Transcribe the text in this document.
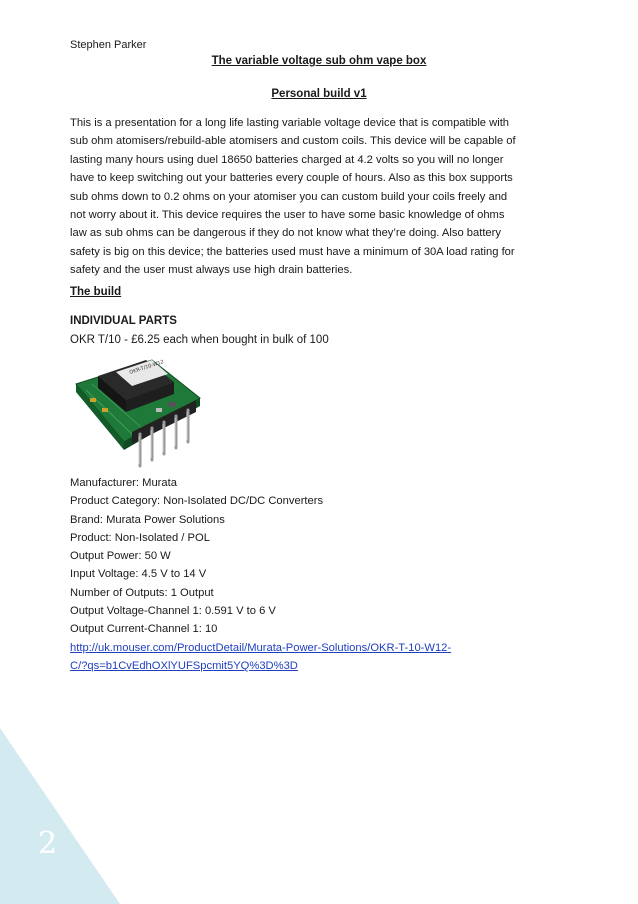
Stephen Parker
The variable voltage sub ohm vape box
Personal build v1
This is a presentation for a long life lasting variable voltage device that is compatible with
sub ohm atomisers/rebuild-able atomisers and custom coils. This device will be capable of
lasting many hours using duel 18650 batteries charged at 4.2 volts so you will no longer
have to keep switching out your batteries every couple of hours. Also as this box supports
sub ohms down to 0.2 ohms on your atomiser you can custom build your coils freely and
not worry about it. This device requires the user to have some basic knowledge of ohms
law as sub ohms can be dangerous if they do not know what they’re doing. Also battery
safety is big on this device; the batteries used must have a minimum of 30A load rating for
safety and the user must always use high drain batteries.
The build
INDIVIDUAL PARTS
OKR T/10 - £6.25 each when bought in bulk of 100
OKR-T/10-W12
Manufacturer: Murata
Product Category: Non-Isolated DC/DC Converters
Brand: Murata Power Solutions
Product: Non-Isolated / POL
Output Power: 50 W
Input Voltage: 4.5 V to 14 V
Number of Outputs: 1 Output
Output Voltage-Channel 1: 0.591 V to 6 V
Output Current-Channel 1: 10
http://uk.mouser.com/ProductDetail/Murata-Power-Solutions/OKR-T-10-W12-
C/?qs=b1CvEdhOXlYUFSpcmit5YQ%3D%3D
2
